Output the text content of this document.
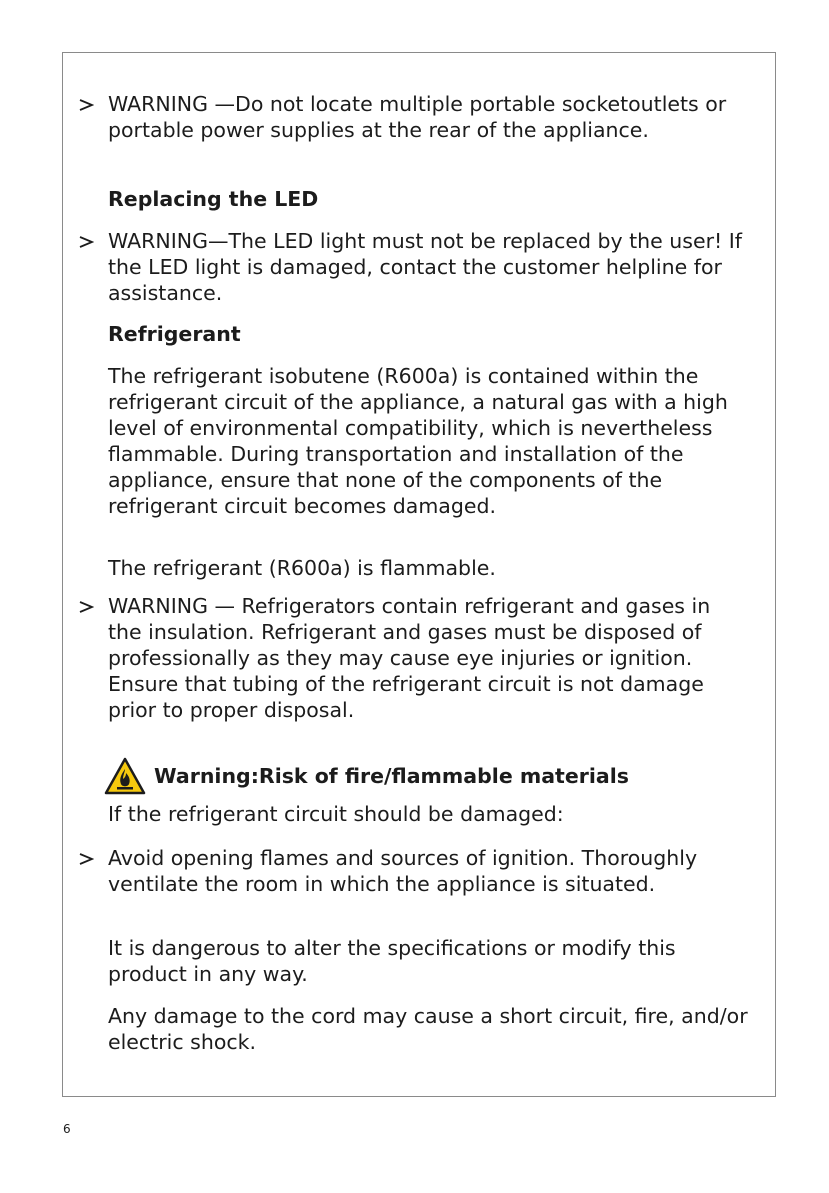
WARNING —Do not locate multiple portable socketoutlets or portable power supplies at the rear of the appliance.
Replacing the LED
WARNING—The LED light must not be replaced by the user! If the LED light is damaged, contact the customer helpline for assistance.
Refrigerant
The refrigerant isobutene (R600a) is contained within the refrigerant circuit of the appliance, a natural gas with a high level of environmental compatibility, which is nevertheless flammable. During transportation and installation of the appliance, ensure that none of the components of the refrigerant circuit becomes damaged.
The refrigerant (R600a) is flammable.
WARNING — Refrigerators contain refrigerant and gases in the insulation. Refrigerant and gases must be disposed of professionally as they may cause eye injuries or ignition. Ensure that tubing of the refrigerant circuit is not damage prior to proper disposal.
Warning:Risk of fire/flammable materials
If the refrigerant circuit should be damaged:
Avoid opening flames and sources of ignition. Thoroughly ventilate the room in which the appliance is situated.
It is dangerous to alter the specifications or modify this product in any way.
Any damage to the cord may cause a short circuit, fire, and/or electric shock.
6
